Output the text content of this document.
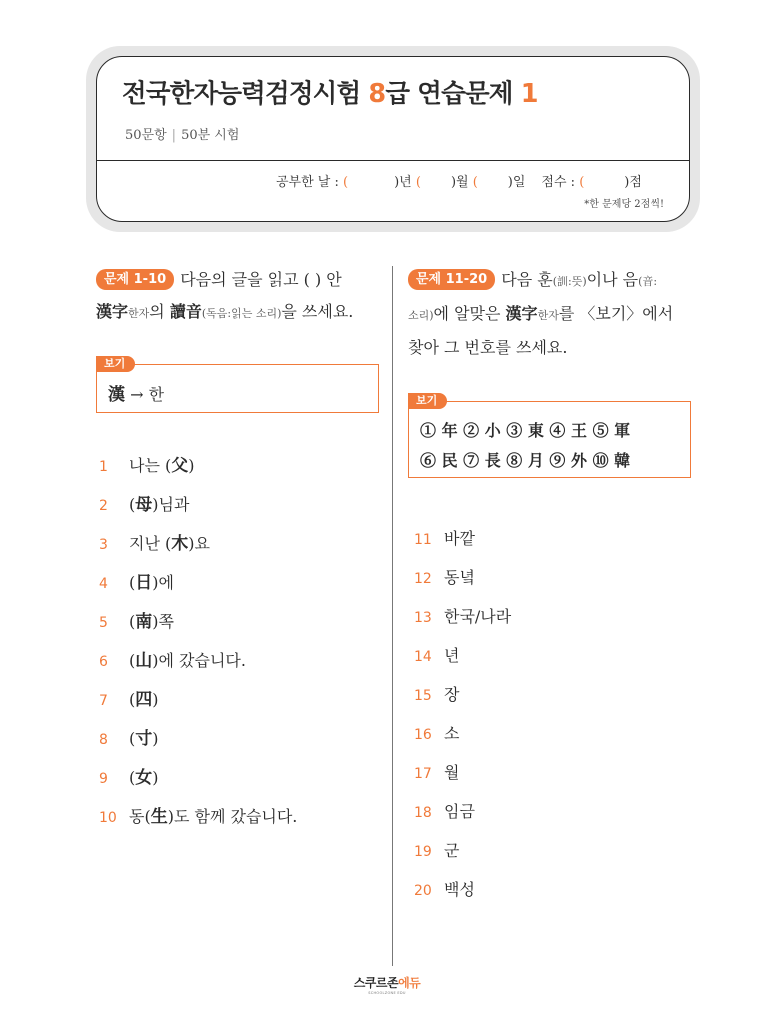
전국한자능력검정시험 8급 연습문제 1
50문항 | 50분 시험
공부한 날 : (	)년 ( )월 ( )일 점수 : (	)점
*한 문제당 2점씩!
문제 1-10 다음의 글을 읽고 ( ) 안
漢字한자의 讀音(독음:읽는 소리)을 쓰세요.
보기
漢 → 한
1 나는 (父)
2 (母)님과
3 지난 (木)요
4 (日)에
5 (南)쪽
6 (山)에 갔습니다.
7 (四)
8 (寸)
9 (女)
10 동(生)도 함께 갔습니다.
문제 11-20 다음 훈(訓:뜻)이나 음(音:
소리)에 알맞은 漢字한자를 〈보기〉에서
찾아 그 번호를 쓰세요.
보기
① 年 ② 小 ③ 東 ④ 王 ⑤ 軍
⑥ 民 ⑦ 長 ⑧ 月 ⑨ 外 ⑩ 韓
11 바깥
12 동녘
13 한국/나라
14 년
15 장
16 소
17 월
18 임금
19 군
20 백성
스쿠르존에듀
SCHOOLZONE EDU
